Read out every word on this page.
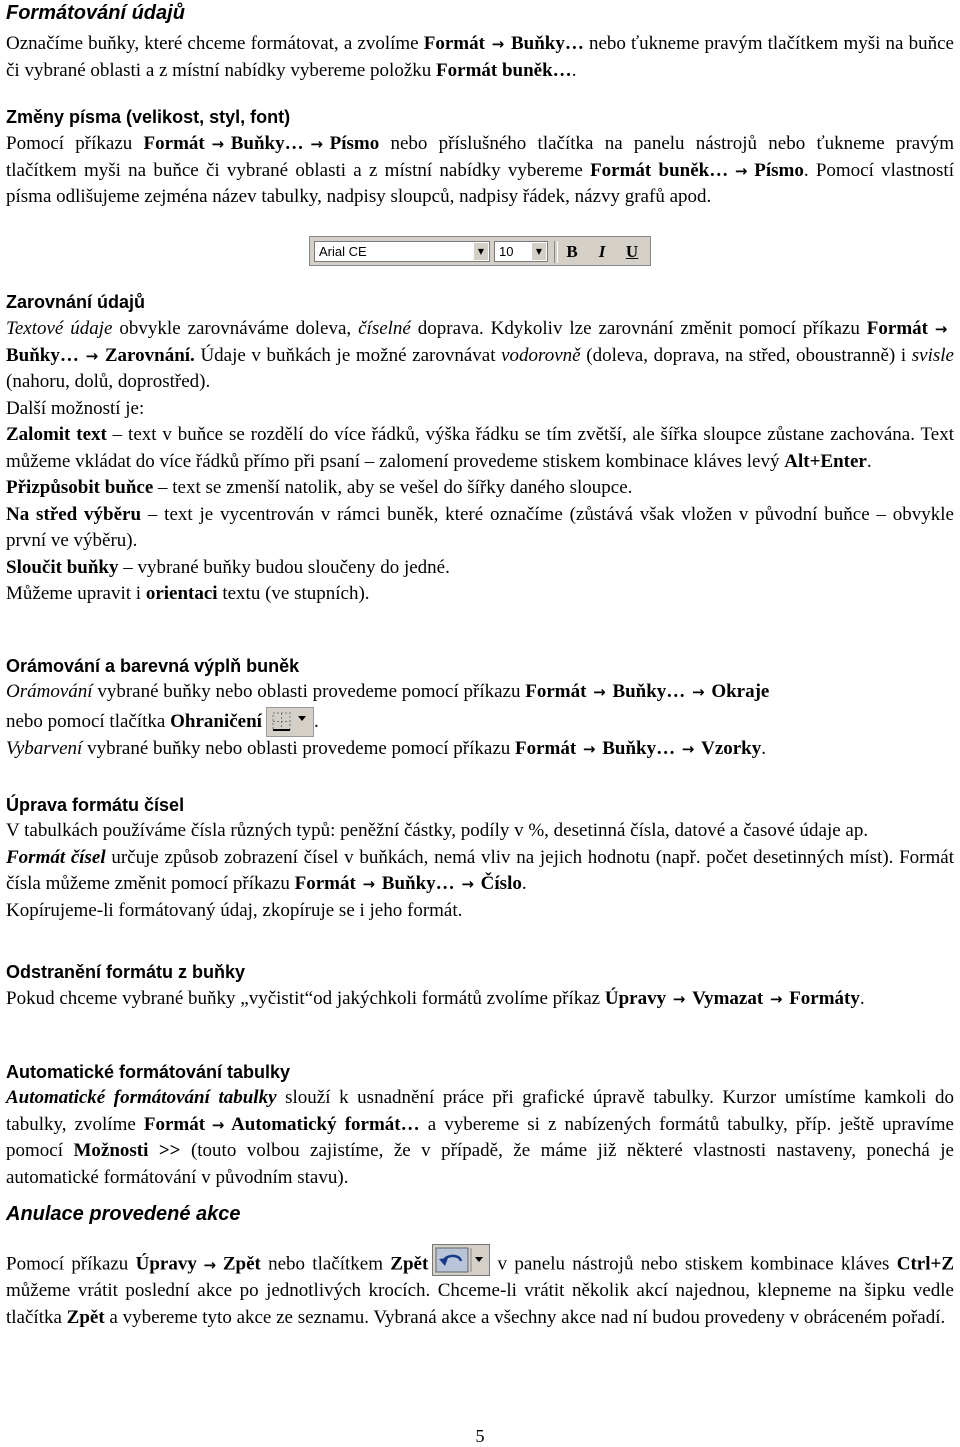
Formátování údajů

Označíme buňky, které chceme formátovat, a zvolíme Formát → Buňky… nebo ťukneme pravým tlačítkem myši na buňce či vybrané oblasti a z místní nabídky vybereme položku Formát buněk….

Změny písma (velikost, styl, font)

Pomocí příkazu Formát → Buňky… → Písmo nebo příslušného tlačítka na panelu nástrojů nebo ťukneme pravým tlačítkem myši na buňce či vybrané oblasti a z místní nabídky vybereme Formát buněk… → Písmo. Pomocí vlastností písma odlišujeme zejména název tabulky, nadpisy sloupců, nadpisy řádek, názvy grafů apod.

Arial CE	▼	10	▼	B	I	U
Zarovnání údajů

Textové údaje obvykle zarovnáváme doleva, číselné doprava. Kdykoliv lze zarovnání změnit pomocí příkazu Formát →Buňky… → Zarovnání. Údaje v buňkách je možné zarovnávat vodorovně (doleva, doprava, na střed, oboustranně) i svisle (nahoru, dolů, doprostřed).

Další možností je:

Zalomit text – text v buňce se rozdělí do více řádků, výška řádku se tím zvětší, ale šířka sloupce zůstane zachována. Text můžeme vkládat do více řádků přímo při psaní – zalomení provedeme stiskem kombinace kláves levý Alt+Enter.

Přizpůsobit buňce – text se zmenší natolik, aby se vešel do šířky daného sloupce.

Na střed výběru – text je vycentrován v rámci buněk, které označíme (zůstává však vložen v původní buňce – obvykle první ve výběru).

Sloučit buňky – vybrané buňky budou sloučeny do jedné.

Můžeme upravit i orientaci textu (ve stupních).

Orámování a barevná výplň buněk

Orámování vybrané buňky nebo oblasti provedeme pomocí příkazu Formát → Buňky… → Okraje

nebo pomocí tlačítka Ohraničení	.

Vybarvení vybrané buňky nebo oblasti provedeme pomocí příkazu Formát → Buňky… → Vzorky.

Úprava formátu čísel

V tabulkách používáme čísla různých typů: peněžní částky, podíly v %, desetinná čísla, datové a časové údaje ap.

Formát čísel určuje způsob zobrazení čísel v buňkách, nemá vliv na jejich hodnotu (např. počet desetinných míst). Formát čísla můžeme změnit pomocí příkazu Formát → Buňky… → Číslo.

Kopírujeme-li formátovaný údaj, zkopíruje se i jeho formát.

Odstranění formátu z buňky

Pokud chceme vybrané buňky „vyčistit“od jakýchkoli formátů zvolíme příkaz Úpravy → Vymazat → Formáty.

Automatické formátování tabulky

Automatické formátování tabulky slouží k usnadnění práce při grafické úpravě tabulky. Kurzor umístíme kamkoli do tabulky, zvolíme Formát → Automatický formát… a vybereme si z nabízených formátů tabulky, příp. ještě upravíme pomocí Možnosti >> (touto volbou zajistíme, že v případě, že máme již některé vlastnosti nastaveny, ponechá je automatické formátování v původním stavu).

Anulace provedené akce

Pomocí příkazu Úpravy → Zpět nebo tlačítkem Zpět	v panelu nástrojů nebo stiskem kombinace kláves Ctrl+Z můžeme vrátit poslední akce po jednotlivých krocích. Chceme-li vrátit několik akcí najednou, klepneme na šipku vedle tlačítka Zpět a vybereme tyto akce ze seznamu. Vybraná akce a všechny akce nad ní budou provedeny v obráceném pořadí.

5
